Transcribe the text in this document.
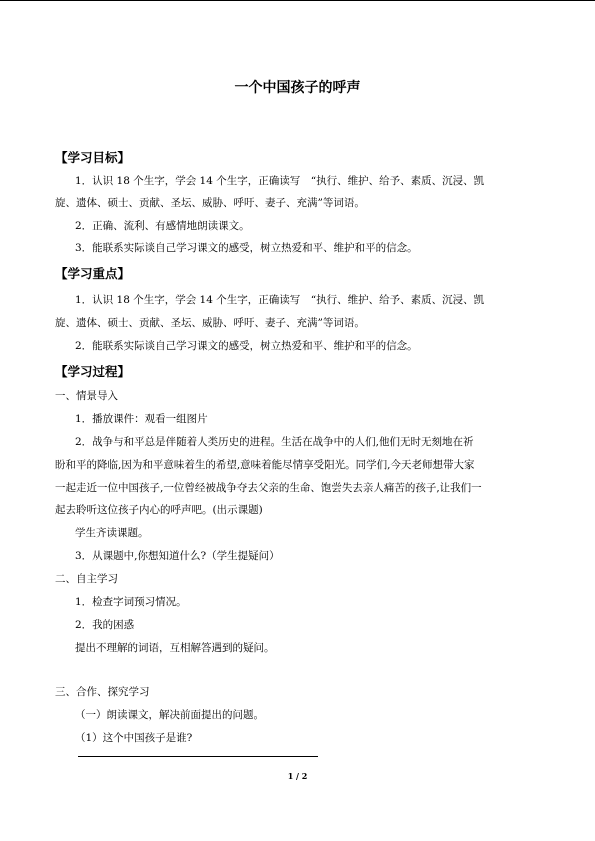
一个中国孩子的呼声
【学习目标】
1．认识 18 个生字，学会 14 个生字，正确读写　“执行、维护、给予、素质、沉浸、凯
旋、遗体、硕士、贡献、圣坛、威胁、呼吁、妻子、充满”等词语。
2．正确、流利、有感情地朗读课文。
3．能联系实际谈自己学习课文的感受，树立热爱和平、维护和平的信念。
【学习重点】
1．认识 18 个生字，学会 14 个生字，正确读写　“执行、维护、给予、素质、沉浸、凯
旋、遗体、硕士、贡献、圣坛、威胁、呼吁、妻子、充满”等词语。
2．能联系实际谈自己学习课文的感受，树立热爱和平、维护和平的信念。
【学习过程】
一、情景导入
1．播放课件：观看一组图片
2．战争与和平总是伴随着人类历史的进程。生活在战争中的人们,他们无时无刻地在祈
盼和平的降临,因为和平意味着生的希望,意味着能尽情享受阳光。同学们,今天老师想带大家
一起走近一位中国孩子,一位曾经被战争夺去父亲的生命、饱尝失去亲人痛苦的孩子,让我们一
起去聆听这位孩子内心的呼声吧。(出示课题)
学生齐读课题。
3．从课题中,你想知道什么?（学生提疑问）
二、自主学习
1．检查字词预习情况。
2．我的困惑
提出不理解的词语，互相解答遇到的疑问。
三、合作、探究学习
（一）朗读课文，解决前面提出的问题。
（1）这个中国孩子是谁?
1 / 2
